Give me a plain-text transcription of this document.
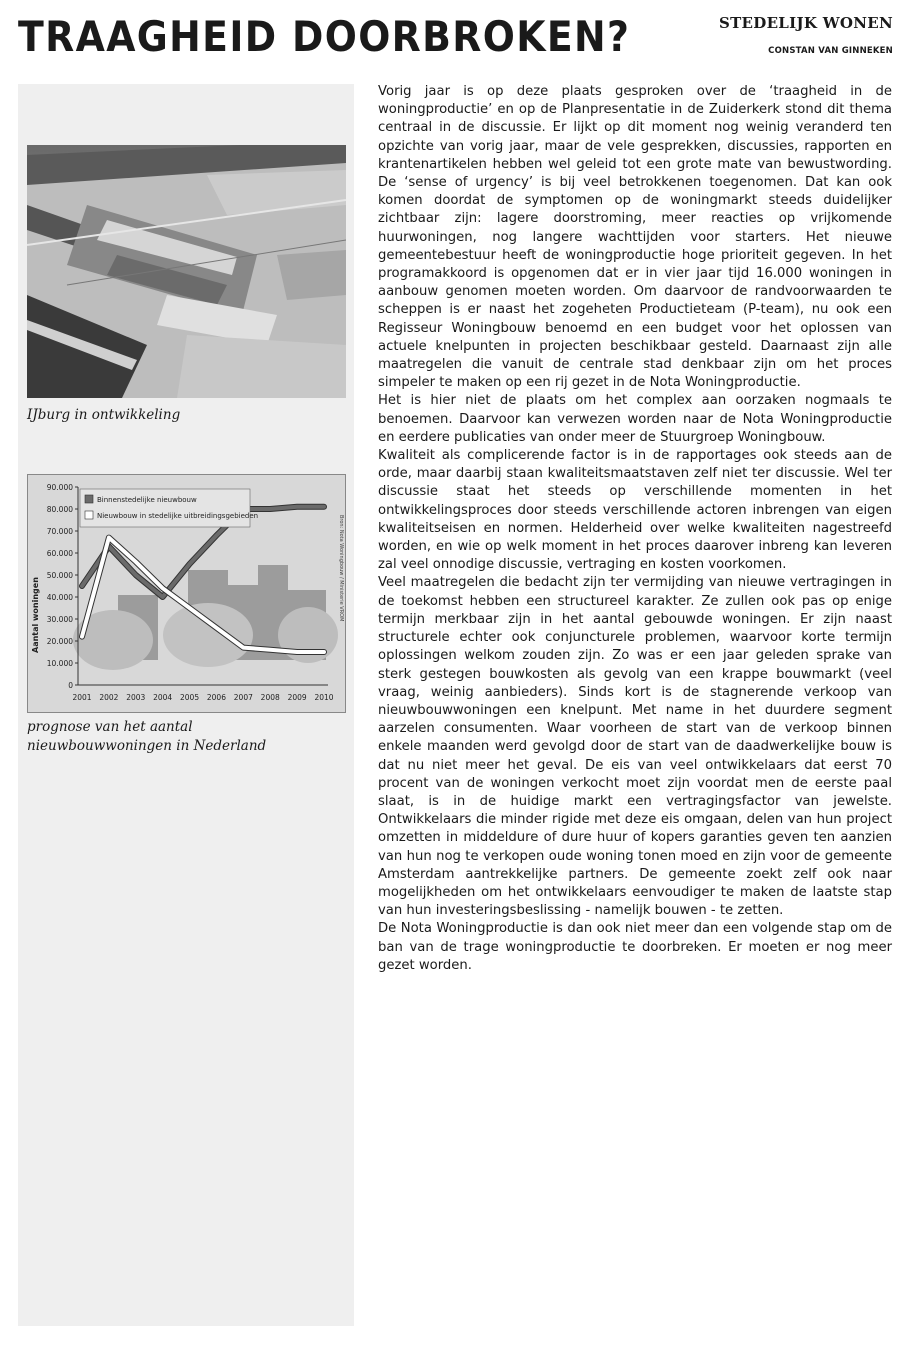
TRAAGHEID DOORBROKEN?	STEDELIJK WONEN
CONSTAN VAN GINNEKEN
IJburg in ontwikkeling
0
10.000
20.000
30.000
40.000
50.000
60.000
70.000
80.000
90.000
2001 2002 2003 2004 2005 2006 2007 2008 2009 2010
Binnenstedelijke nieuwbouw
Nieuwbouw in stedelijke uitbreidingsgebieden
Aantal woningen	Bron: Nota Woningbouw / Ministerie VROM
prognose van het aantal nieuwbouwwoningen in Nederland

Vorig jaar is op deze plaats gesproken over de ‘traagheid in de woningproductie’ en op de Planpresentatie in de Zuiderkerk stond dit thema centraal in de discussie. Er lijkt op dit moment nog weinig veranderd ten opzichte van vorig jaar, maar de vele gesprekken, discussies, rapporten en krantenartikelen hebben wel geleid tot een grote mate van bewustwording. De ‘sense of urgency’ is bij veel betrokkenen toegenomen. Dat kan ook komen doordat de symptomen op de woningmarkt steeds duidelijker zichtbaar zijn: lagere doorstroming, meer reacties op vrijkomende huurwoningen, nog langere wachttijden voor starters. Het nieuwe gemeentebestuur heeft de woningproductie hoge prioriteit gegeven. In het programakkoord is opgenomen dat er in vier jaar tijd 16.000 woningen in aanbouw genomen moeten worden. Om daarvoor de randvoorwaarden te scheppen is er naast het zogeheten Productieteam (P-team), nu ook een Regisseur Woningbouw benoemd en een budget voor het oplossen van actuele knelpunten in projecten beschikbaar gesteld. Daarnaast zijn alle maatregelen die vanuit de centrale stad denkbaar zijn om het proces simpeler te maken op een rij gezet in de Nota Woningproductie.

Het is hier niet de plaats om het complex aan oorzaken nogmaals te benoemen. Daarvoor kan verwezen worden naar de Nota Woningproductie en eerdere publicaties van onder meer de Stuurgroep Woningbouw.

Kwaliteit als complicerende factor is in de rapportages ook steeds aan de orde, maar daarbij staan kwaliteitsmaatstaven zelf niet ter discussie. Wel ter discussie staat het steeds op verschillende momenten in het ontwikkelingsproces door steeds verschillende actoren inbrengen van eigen kwaliteitseisen en normen. Helderheid over welke kwaliteiten nagestreefd worden, en wie op welk moment in het proces daarover inbreng kan leveren zal veel onnodige discussie, vertraging en kosten voorkomen.

Veel maatregelen die bedacht zijn ter vermijding van nieuwe vertragingen in de toekomst hebben een structureel karakter. Ze zullen ook pas op enige termijn merkbaar zijn in het aantal gebouwde woningen. Er zijn naast structurele echter ook conjuncturele problemen, waarvoor korte termijn oplossingen welkom zouden zijn. Zo was er een jaar geleden sprake van sterk gestegen bouwkosten als gevolg van een krappe bouwmarkt (veel vraag, weinig aanbieders). Sinds kort is de stagnerende verkoop van nieuwbouwwoningen een knelpunt. Met name in het duurdere segment aarzelen consumenten. Waar voorheen de start van de verkoop binnen enkele maanden werd gevolgd door de start van de daadwerkelijke bouw is dat nu niet meer het geval. De eis van veel ontwikkelaars dat eerst 70 procent van de woningen verkocht moet zijn voordat men de eerste paal slaat, is in de huidige markt een vertragingsfactor van jewelste. Ontwikkelaars die minder rigide met deze eis omgaan, delen van hun project omzetten in middeldure of dure huur of kopers garanties geven ten aanzien van hun nog te verkopen oude woning tonen moed en zijn voor de gemeente Amsterdam aantrekkelijke partners. De gemeente zoekt zelf ook naar mogelijkheden om het ontwikkelaars eenvoudiger te maken de laatste stap van hun investeringsbeslissing - namelijk bouwen - te zetten.

De Nota Woningproductie is dan ook niet meer dan een volgende stap om de ban van de trage woningproductie te doorbreken. Er moeten er nog meer gezet worden.
